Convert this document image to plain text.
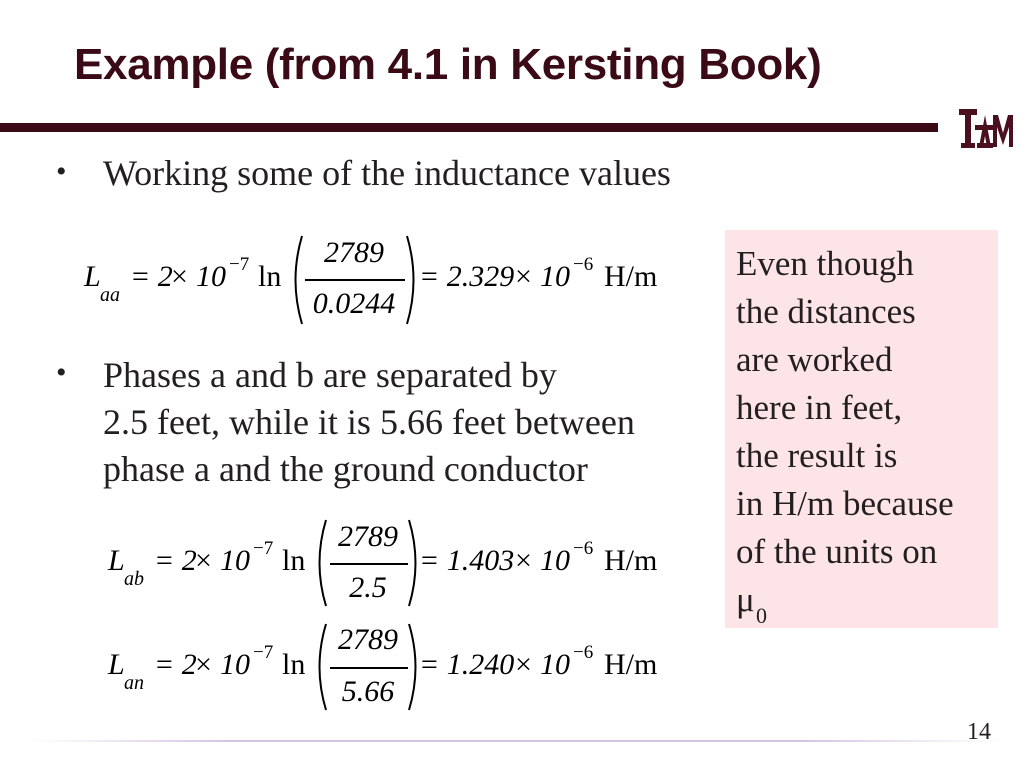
Example (from 4.1 in Kersting Book)
• Working some of the inductance values
L
aa
= 2
× 10 −7 ln
2789
0.0244
= 2.329 × 10 −6 H/m
• Phases a and b are separated by
2.5 feet, while it is 5.66 feet between
phase a and the ground conductor
L
ab
= 2
× 10 −7 ln
2789
2.5
= 1.403 × 10 −6 H/m
L
an
= 2
× 10 −7 ln
2789
5.66
= 1.240 × 10 −6 H/m
Even though
the distances
are worked
here in feet,
the result is
in H/m because
of the units on
μ 0
14
